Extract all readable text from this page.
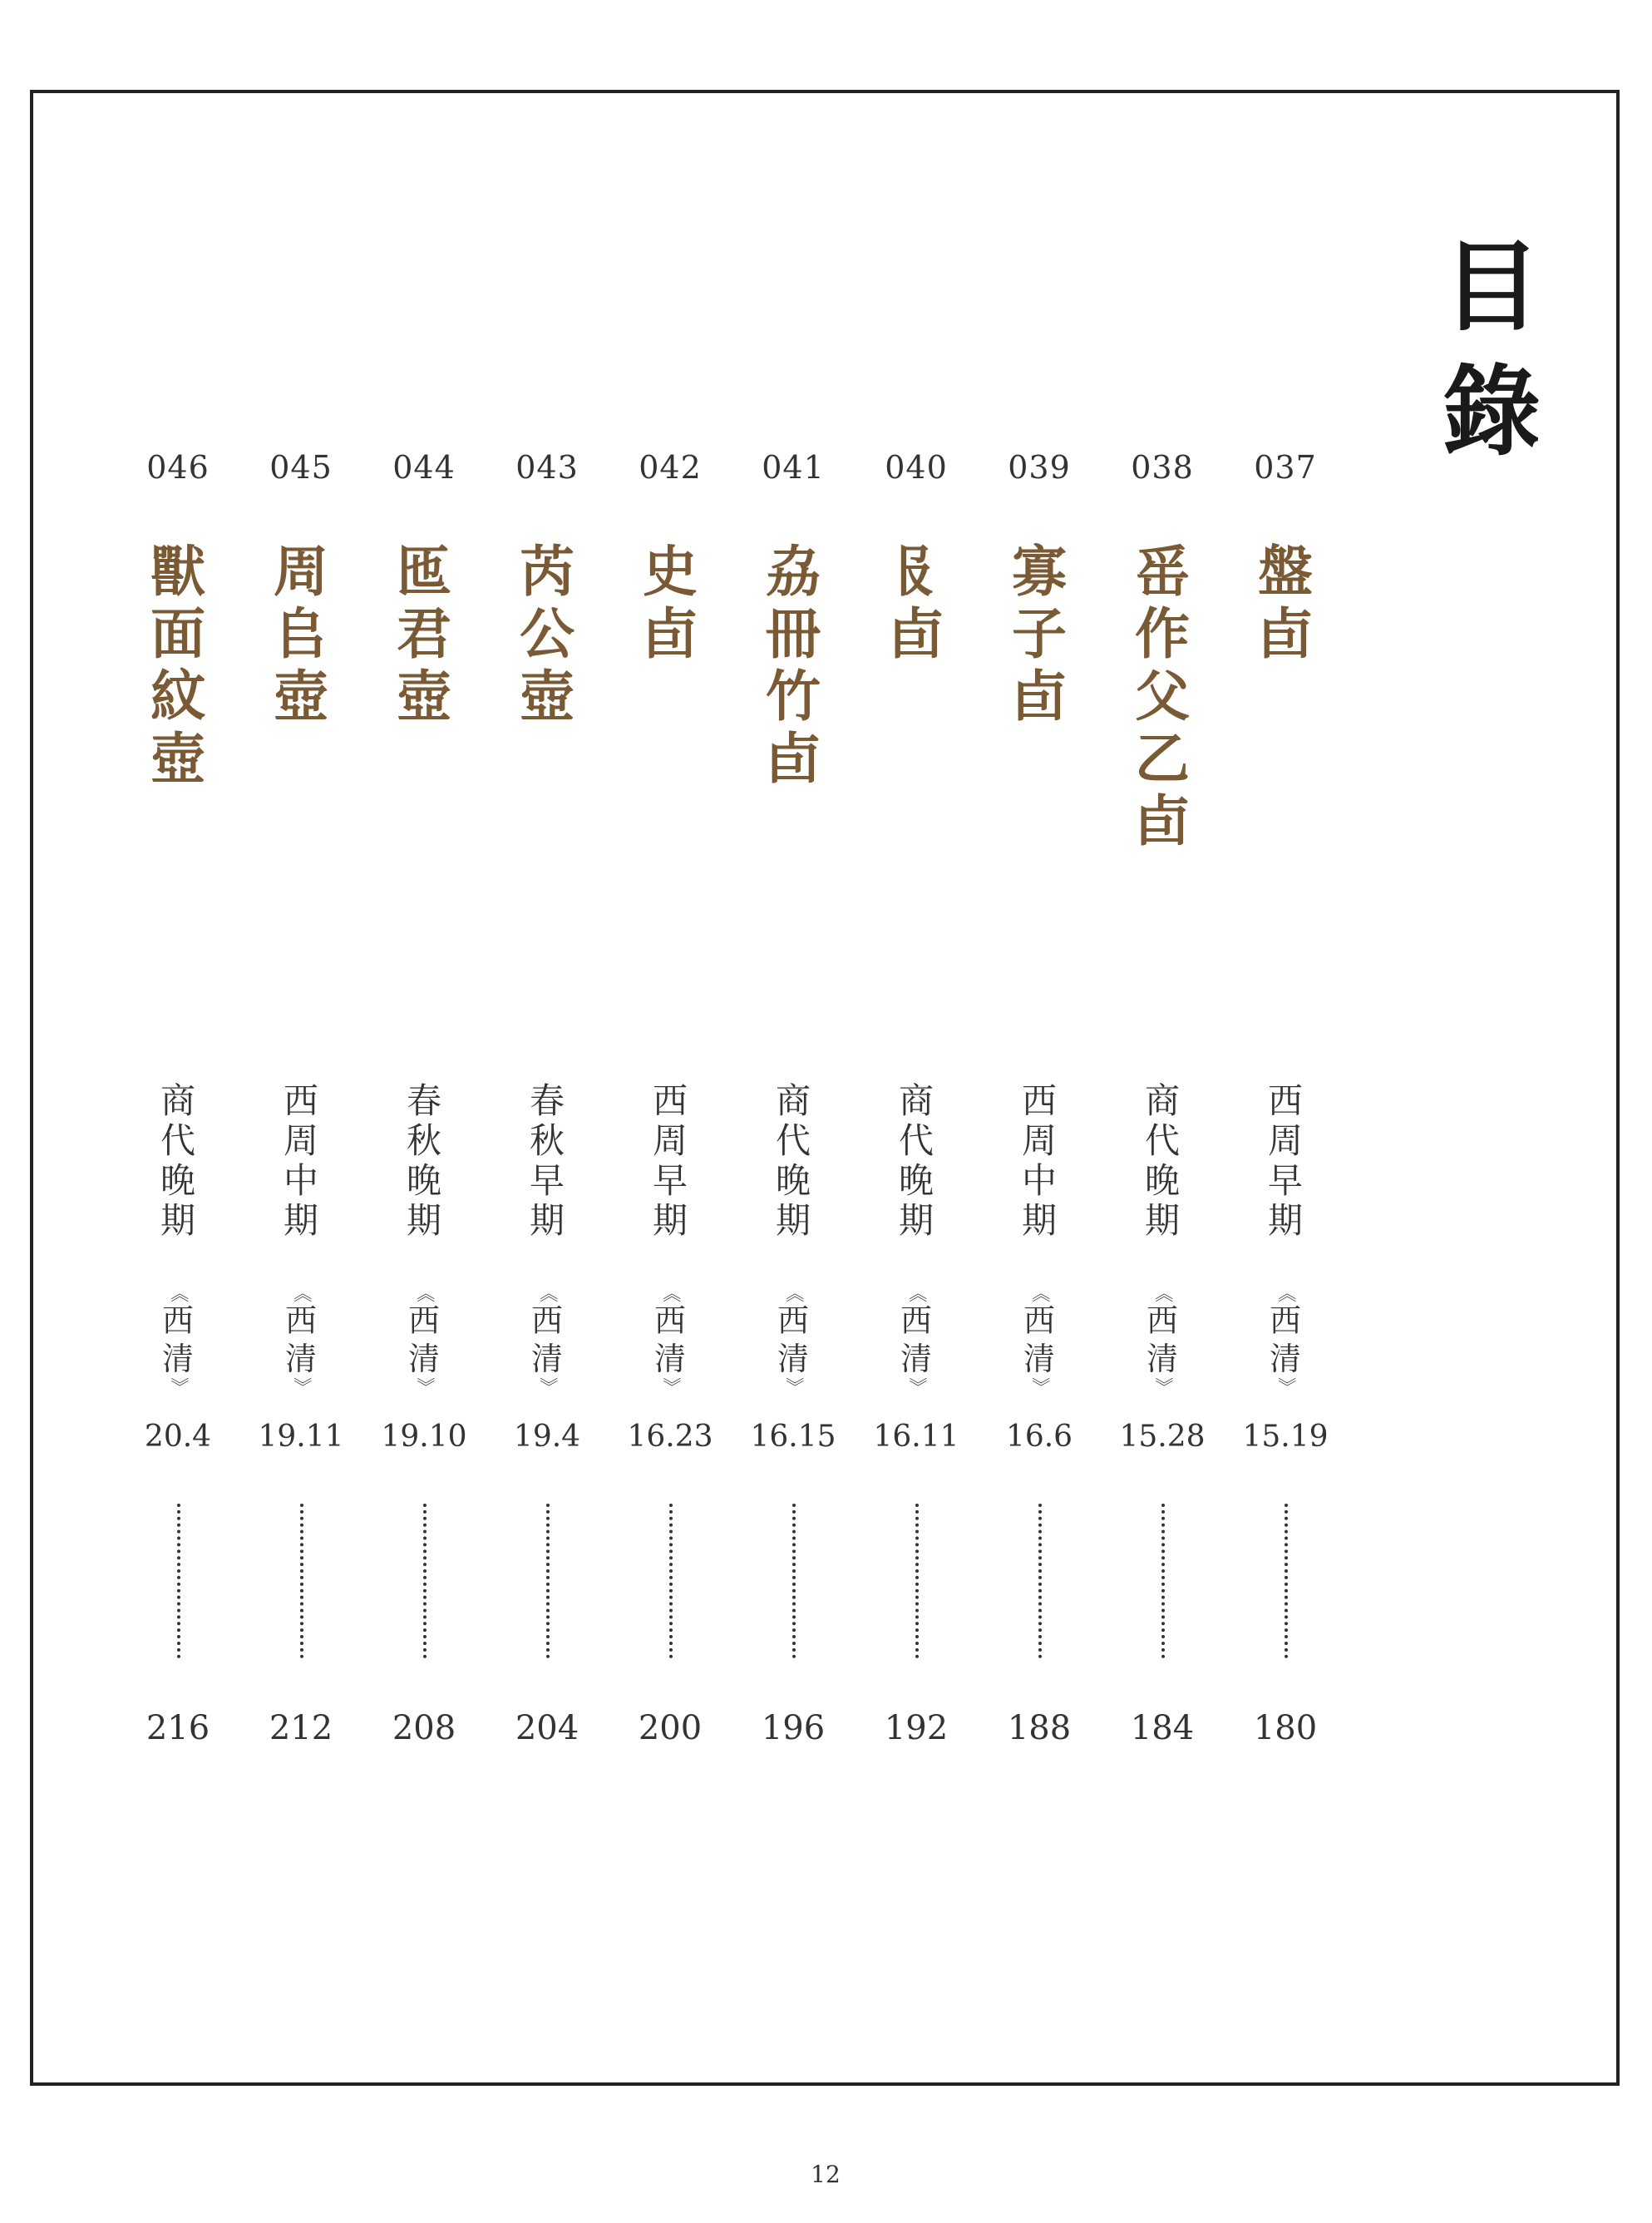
目錄
037
盤卣
西周早期
《
西清
》
15.19
180
038
䍃作父乙卣
商代晚期
《
西清
》
15.28
184
039
寡子卣
西周中期
《
西清
》
16.6
188
040
𠬝卣
商代晚期
《
西清
》
16.11
192
041
劦冊竹卣
商代晚期
《
西清
》
16.15
196
042
史卣
西周早期
《
西清
》
16.23
200
043
芮公壺
春秋早期
《
西清
》
19.4
204
044
匜君壺
春秋晚期
《
西清
》
19.10
208
045
周𠂤壺
西周中期
《
西清
》
19.11
212
046
獸面紋壺
商代晚期
《
西清
》
20.4
216
12
